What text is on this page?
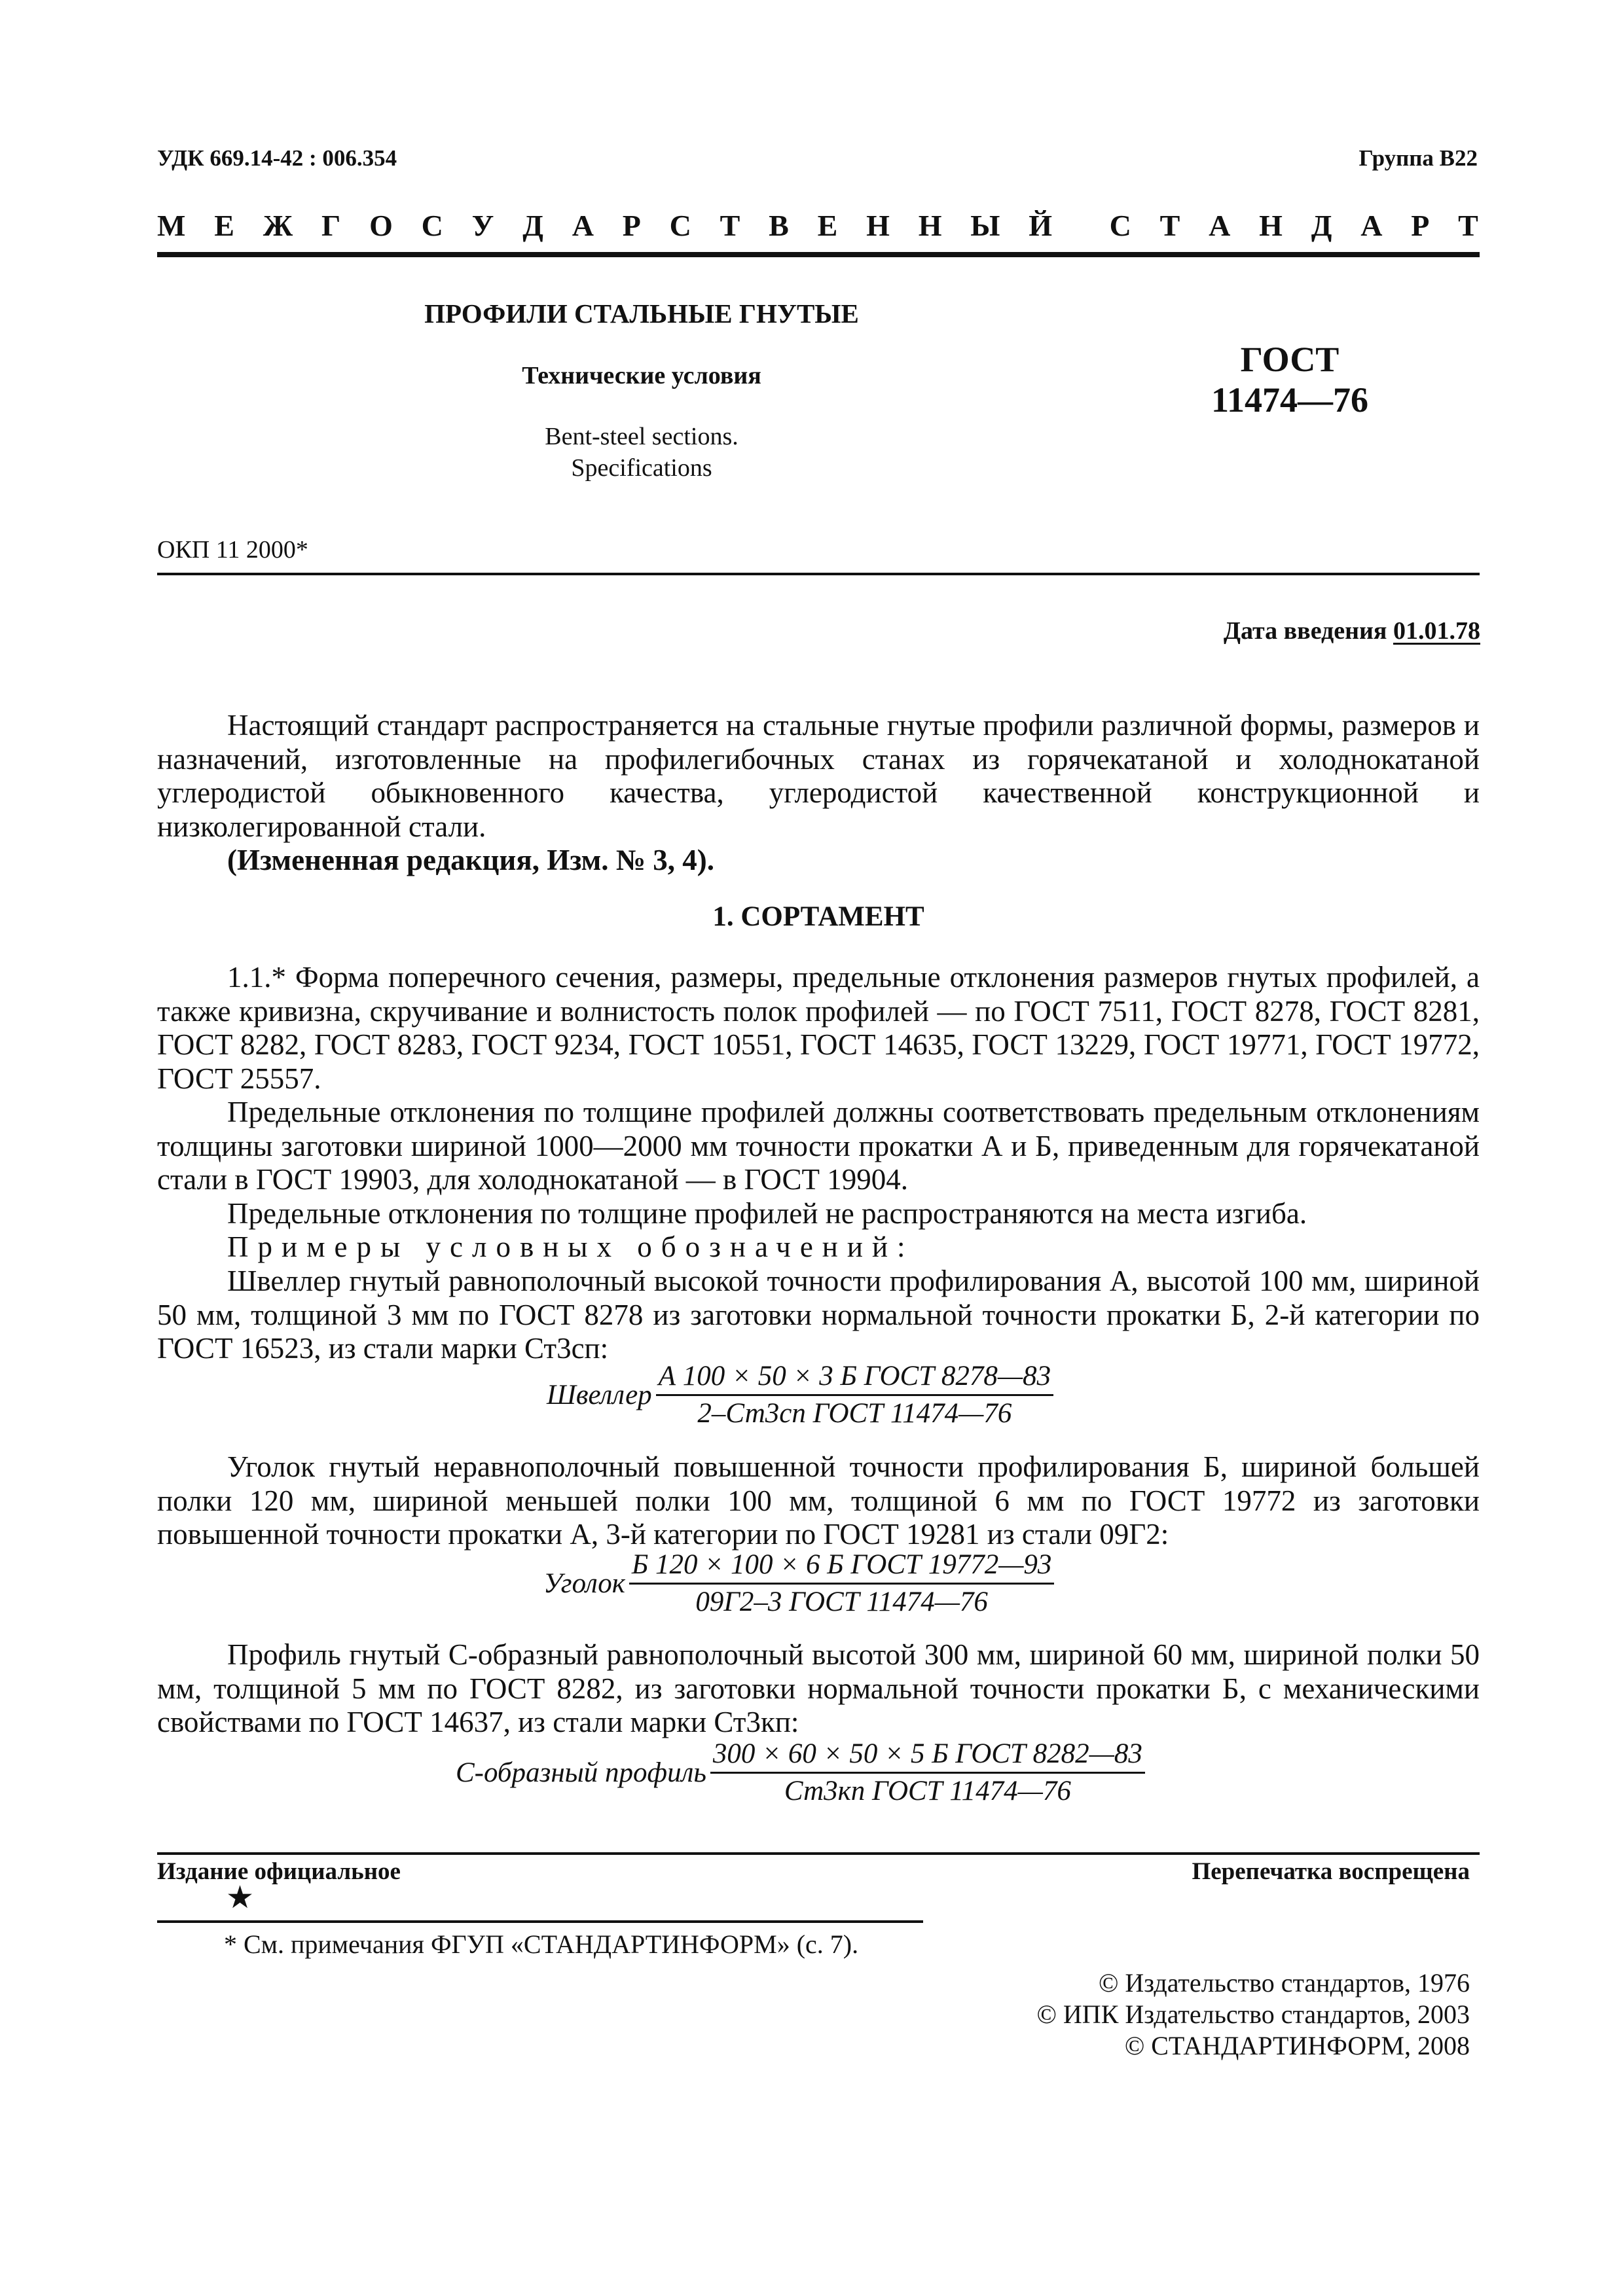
УДК 669.14-42 : 006.354	Группа В22
М Е Ж Г О С У Д А Р С Т В Е Н Н Ы Й С Т А Н Д А Р Т
ПРОФИЛИ СТАЛЬНЫЕ ГНУТЫЕ
Технические условия
Bent-steel sections.
Specifications
ГОСТ
11474—76
ОКП 11 2000*
Дата введения 01.01.78
Настоящий стандарт распространяется на стальные гнутые профили различной формы, размеров и назначений, изготовленные на профилегибочных станах из горячекатаной и холоднокатаной углеродистой обыкновенного качества, углеродистой качественной конструкционной и низколегированной стали.
(Измененная редакция, Изм. № 3, 4).
1. СОРТАМЕНТ
1.1.* Форма поперечного сечения, размеры, предельные отклонения размеров гнутых профилей, а также кривизна, скручивание и волнистость полок профилей — по ГОСТ 7511, ГОСТ 8278, ГОСТ 8281, ГОСТ 8282, ГОСТ 8283, ГОСТ 9234, ГОСТ 10551, ГОСТ 14635, ГОСТ 13229, ГОСТ 19771, ГОСТ 19772, ГОСТ 25557.
Предельные отклонения по толщине профилей должны соответствовать предельным отклонениям толщины заготовки шириной 1000—2000 мм точности прокатки А и Б, приведенным для горячекатаной стали в ГОСТ 19903, для холоднокатаной — в ГОСТ 19904.
Предельные отклонения по толщине профилей не распространяются на места изгиба.
Примеры условных обозначений:
Швеллер гнутый равнополочный высокой точности профилирования А, высотой 100 мм, шириной 50 мм, толщиной 3 мм по ГОСТ 8278 из заготовки нормальной точности прокатки Б, 2-й категории по ГОСТ 16523, из стали марки Ст3сп:
Швеллер $\frac{\text{А 100 × 50 × 3 Б ГОСТ 8278—83}}{\text{2–Ст3сп ГОСТ 11474—76}}$
Уголок гнутый неравнополочный повышенной точности профилирования Б, шириной большей полки 120 мм, шириной меньшей полки 100 мм, толщиной 6 мм по ГОСТ 19772 из заготовки повышенной точности прокатки А, 3-й категории по ГОСТ 19281 из стали 09Г2:
Уголок $\frac{\text{Б 120 × 100 × 6 Б ГОСТ 19772—93}}{\text{09Г2–3 ГОСТ 11474—76}}$
Профиль гнутый С-образный равнополочный высотой 300 мм, шириной 60 мм, шириной полки 50 мм, толщиной 5 мм по ГОСТ 8282, из заготовки нормальной точности прокатки Б, с механическими свойствами по ГОСТ 14637, из стали марки Ст3кп:
С-образный профиль $\frac{\text{300 × 60 × 50 × 5 Б ГОСТ 8282—83}}{\text{Ст3кп ГОСТ 11474—76}}$
Издание официальное	Перепечатка воспрещена
★
* См. примечания ФГУП «СТАНДАРТИНФОРМ» (с. 7).
© Издательство стандартов, 1976
© ИПК Издательство стандартов, 2003
© СТАНДАРТИНФОРМ, 2008
